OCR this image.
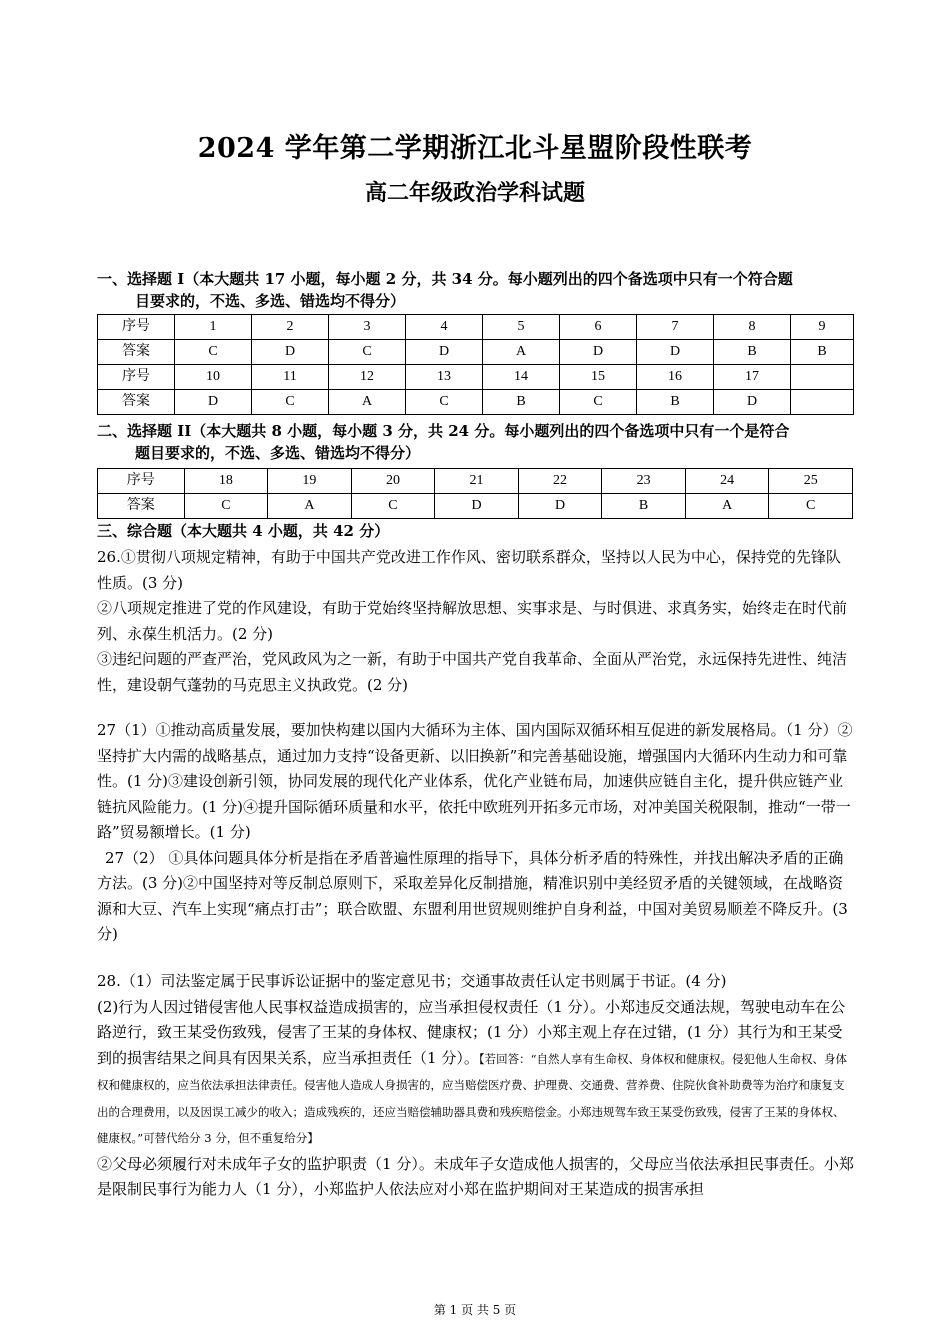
2024 学年第二学期浙江北斗星盟阶段性联考
高二年级政治学科试题
一、选择题 I（本大题共 17 小题，每小题 2 分，共 34 分。每小题列出的四个备选项中只有一个符合题
目要求的，不选、多选、错选均不得分）
序号	1	2	3	4	5	6	7	8	9
答案	C	D	C	D	A	D	D	B	B
序号	10	11	12	13	14	15	16	17	
答案	D	C	A	C	B	C	B	D	
二、选择题 II（本大题共 8 小题，每小题 3 分，共 24 分。每小题列出的四个备选项中只有一个是符合
题目要求的，不选、多选、错选均不得分）
序号	18	19	20	21	22	23	24	25
答案	C	A	C	D	D	B	A	C
三、综合题（本大题共 4 小题，共 42 分）

26.①贯彻八项规定精神，有助于中国共产党改进工作作风、密切联系群众，坚持以人民为中心，保持党的先锋队性质。(3 分)

②八项规定推进了党的作风建设，有助于党始终坚持解放思想、实事求是、与时俱进、求真务实，始终走在时代前列、永葆生机活力。(2 分)

③违纪问题的严查严治，党风政风为之一新，有助于中国共产党自我革命、全面从严治党，永远保持先进性、纯洁性，建设朝气蓬勃的马克思主义执政党。(2 分)

27（1）①推动高质量发展，要加快构建以国内大循环为主体、国内国际双循环相互促进的新发展格局。（1 分）②坚持扩大内需的战略基点，通过加力支持“设备更新、以旧换新”和完善基础设施，增强国内大循环内生动力和可靠性。(1 分)③建设创新引领，协同发展的现代化产业体系，优化产业链布局，加速供应链自主化，提升供应链产业链抗风险能力。(1 分)④提升国际循环质量和水平，依托中欧班列开拓多元市场，对冲美国关税限制，推动“一带一路”贸易额增长。(1 分)

27（2） ①具体问题具体分析是指在矛盾普遍性原理的指导下，具体分析矛盾的特殊性，并找出解决矛盾的正确方法。(3 分)②中国坚持对等反制总原则下，采取差异化反制措施，精准识别中美经贸矛盾的关键领域，在战略资源和大豆、汽车上实现“痛点打击”；联合欧盟、东盟利用世贸规则维护自身利益，中国对美贸易顺差不降反升。(3 分)

28.（1）司法鉴定属于民事诉讼证据中的鉴定意见书；交通事故责任认定书则属于书证。(4 分)

(2)行为人因过错侵害他人民事权益造成损害的，应当承担侵权责任（1 分）。小郑违反交通法规，驾驶电动车在公路逆行，致王某受伤致残，侵害了王某的身体权、健康权；(1 分）小郑主观上存在过错，(1 分）其行为和王某受到的损害结果之间具有因果关系，应当承担责任（1 分）。【若回答：“自然人享有生命权、身体权和健康权。侵犯他人生命权、身体权和健康权的，应当依法承担法律责任。侵害他人造成人身损害的，应当赔偿医疗费、护理费、交通费、营养费、住院伙食补助费等为治疗和康复支出的合理费用，以及因误工减少的收入；造成残疾的，还应当赔偿辅助器具费和残疾赔偿金。小郑违规驾车致王某受伤致残，侵害了王某的身体权、健康权。”可替代给分 3 分，但不重复给分】

②父母必须履行对未成年子女的监护职责（1 分）。未成年子女造成他人损害的，父母应当依法承担民事责任。小郑是限制民事行为能力人（1 分），小郑监护人依法应对小郑在监护期间对王某造成的损害承担

第 1 页 共 5 页
